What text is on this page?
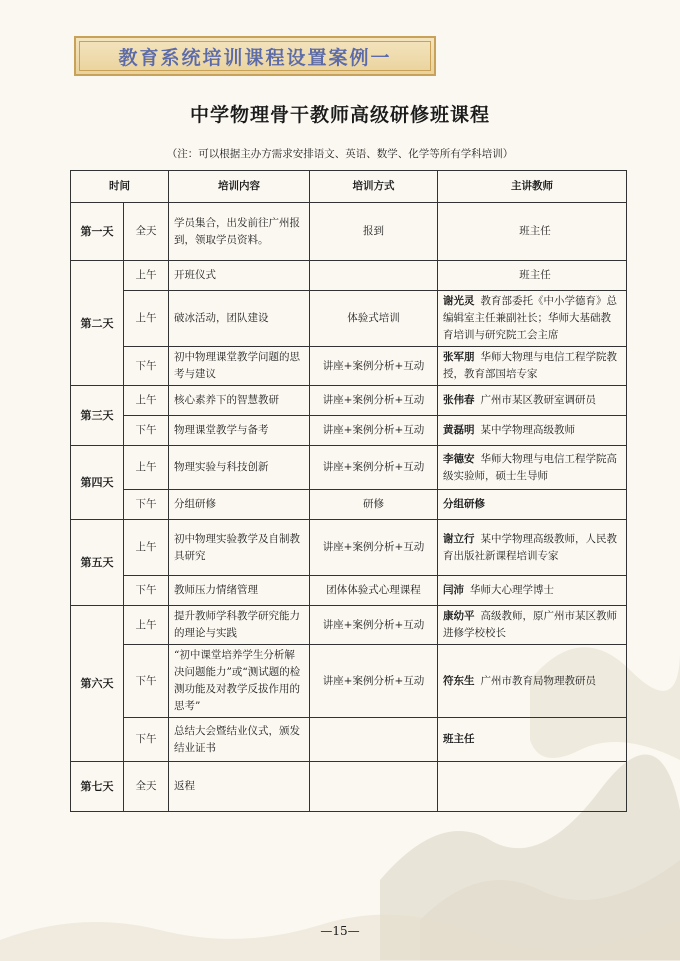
教育系统培训课程设置案例一
中学物理骨干教师高级研修班课程
（注：可以根据主办方需求安排语文、英语、数学、化学等所有学科培训）
时间		培训内容	培训方式	主讲教师
第一天	全天	学员集合，出发前往广州报到，领取学员资料。	报到	班主任
第二天	上午	开班仪式		班主任
	上午	破冰活动，团队建设	体验式培训	谢光灵 教育部委托《中小学德育》总编辑室主任兼副社长；华师大基础教育培训与研究院工会主席
	下午	初中物理课堂教学问题的思考与建议	讲座+案例分析+互动	张军朋 华师大物理与电信工程学院教授，教育部国培专家
第三天	上午	核心素养下的智慧教研	讲座+案例分析+互动	张伟春 广州市某区教研室调研员
	下午	物理课堂教学与备考	讲座+案例分析+互动	黄磊明 某中学物理高级教师
第四天	上午	物理实验与科技创新	讲座+案例分析+互动	李德安 华师大物理与电信工程学院高级实验师，硕士生导师
	下午	分组研修	研修	分组研修
第五天	上午	初中物理实验教学及自制教具研究	讲座+案例分析+互动	谢立行 某中学物理高级教师，人民教育出版社新课程培训专家
	下午	教师压力情绪管理	团体体验式心理课程	闫沛 华师大心理学博士
第六天	上午	提升教师学科教学研究能力的理论与实践	讲座+案例分析+互动	康幼平 高级教师，原广州市某区教师进修学校校长
	下午	“初中课堂培养学生分析解决问题能力”或“测试题的检测功能及对教学反拔作用的思考”	讲座+案例分析+互动	符东生 广州市教育局物理教研员
	下午	总结大会暨结业仪式，颁发结业证书		班主任
第七天	全天	返程		
—15—
